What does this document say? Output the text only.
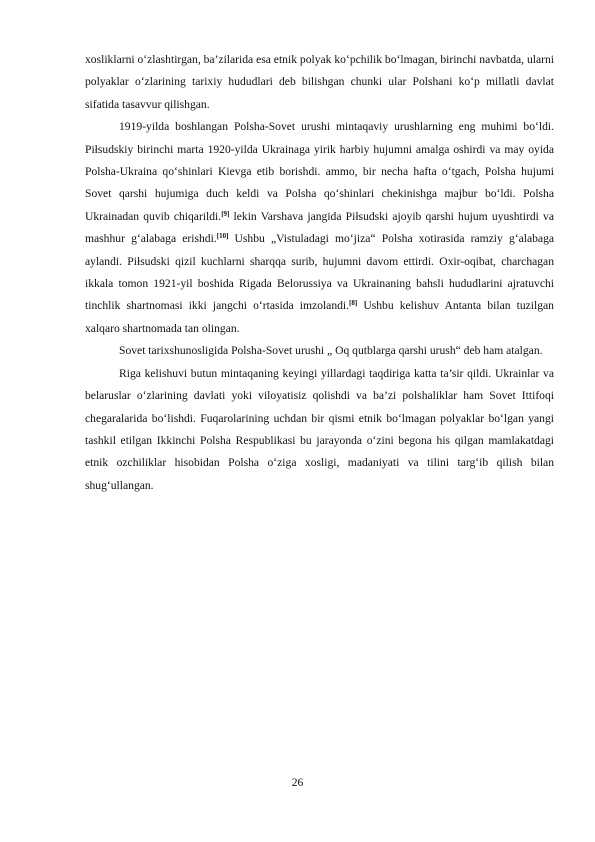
xosliklarni o‘zlashtirgan, ba’zilarida esa etnik polyak ko‘pchilik bo‘lmagan, birinchi navbatda, ularni polyaklar o‘zlarining tarixiy hududlari deb bilishgan chunki ular Polshani ko‘p millatli davlat sifatida tasavvur qilishgan.

1919-yilda boshlangan Polsha-Sovet urushi mintaqaviy urushlarning eng muhimi bo‘ldi. Piłsudskiy birinchi marta 1920-yilda Ukrainaga yirik harbiy hujumni amalga oshirdi va may oyida Polsha-Ukraina qo‘shinlari Kievga etib borishdi. ammo, bir necha hafta o‘tgach, Polsha hujumi Sovet qarshi hujumiga duch keldi va Polsha qo‘shinlari chekinishga majbur bo‘ldi. Polsha Ukrainadan quvib chiqarildi.[9] lekin Varshava jangida Piłsudski ajoyib qarshi hujum uyushtirdi va mashhur g‘alabaga erishdi.[10] Ushbu „Vistuladagi mo‘jiza“ Polsha xotirasida ramziy g‘alabaga aylandi. Piłsudski qizil kuchlarni sharqqa surib, hujumni davom ettirdi. Oxir-oqibat, charchagan ikkala tomon 1921-yil boshida Rigada Belorussiya va Ukrainaning bahsli hududlarini ajratuvchi tinchlik shartnomasi ikki jangchi o‘rtasida imzolandi.[8] Ushbu kelishuv Antanta bilan tuzilgan xalqaro shartnomada tan olingan.

Sovet tarixshunosligida Polsha-Sovet urushi „ Oq qutblarga qarshi urush“ deb ham atalgan.

Riga kelishuvi butun mintaqaning keyingi yillardagi taqdiriga katta ta’sir qildi. Ukrainlar va belaruslar o‘zlarining davlati yoki viloyatisiz qolishdi va ba’zi polshaliklar ham Sovet Ittifoqi chegaralarida bo‘lishdi. Fuqarolarining uchdan bir qismi etnik bo‘lmagan polyaklar bo‘lgan yangi tashkil etilgan Ikkinchi Polsha Respublikasi bu jarayonda o‘zini begona his qilgan mamlakatdagi etnik ozchiliklar hisobidan Polsha o‘ziga xosligi, madaniyati va tilini targ‘ib qilish bilan shug‘ullangan.

26
